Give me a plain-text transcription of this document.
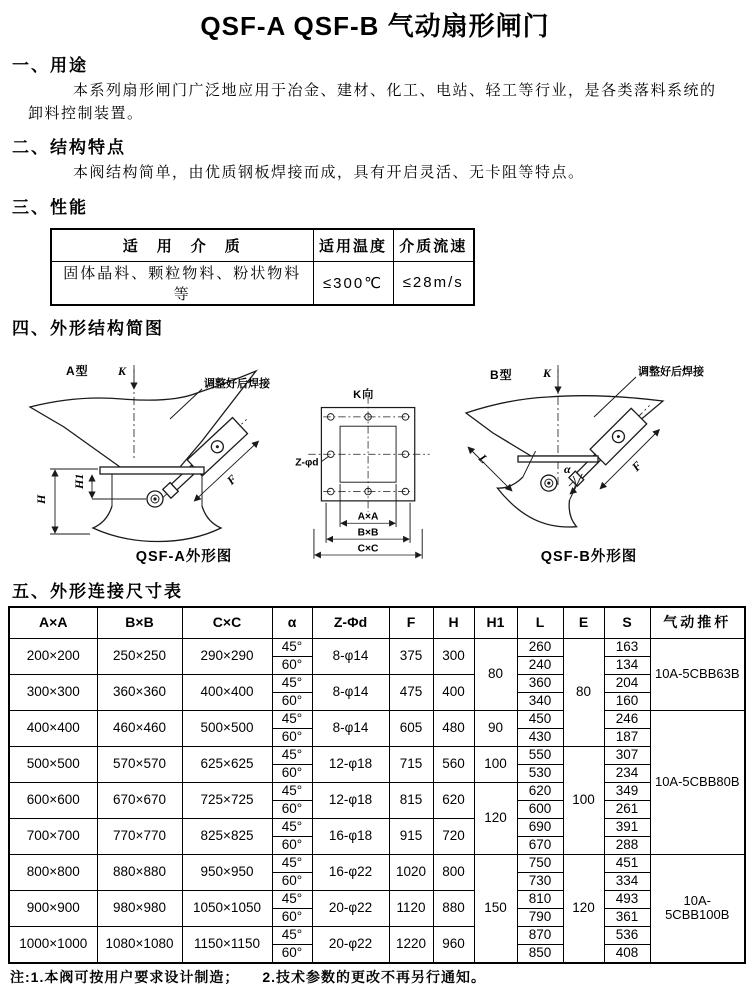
QSF-A QSF-B 气动扇形闸门
一、用途

本系列扇形闸门广泛地应用于冶金、建材、化工、电站、轻工等行业，是各类落料系统的卸料控制装置。

二、结构特点

本阀结构简单，由优质钢板焊接而成，具有开启灵活、无卡阻等特点。

三、性能
适　用　介　质	适用温度	介质流速
固体晶料、颗粒物料、粉状物料等	≤300℃	≤28m/s
四、外形结构简图
K
A型
调整好后焊接
F
H
H1
QSF-A外形图
K向
Z-φd
A×A
B×B
C×C
K
B型	调整好后焊接
F
L
α
QSF-B外形图
五、外形连接尺寸表
A×A	B×B	C×C	α	Z-Φd	F	H	H1	L	E	S	气动推杆
200×200	250×250	290×290	45°	8-φ14	375	300	80	260	80	163	10A-5CBB63B
			60°					240		134	
300×300	360×360	400×400	45°	8-φ14	475	400		360		204	
			60°					340		160	
400×400	460×460	500×500	45°	8-φ14	605	480	90	450		246	10A-5CBB80B
			60°					430		187	
500×500	570×570	625×625	45°	12-φ18	715	560	100	550	100	307	
			60°					530		234	
600×600	670×670	725×725	45°	12-φ18	815	620	120	620		349	
			60°					600		261	
700×700	770×770	825×825	45°	16-φ18	915	720		690		391	
			60°					670		288	
800×800	880×880	950×950	45°	16-φ22	1020	800	150	750	120	451	10A-5CBB100B
			60°					730		334	
900×900	980×980	1050×1050	45°	20-φ22	1120	880		810		493	
			60°					790		361	
1000×1000	1080×1080	1150×1150	45°	20-φ22	1220	960		870		536	
			60°					850		408	
注:1.本阀可按用户要求设计制造；　　2.技术参数的更改不再另行通知。
